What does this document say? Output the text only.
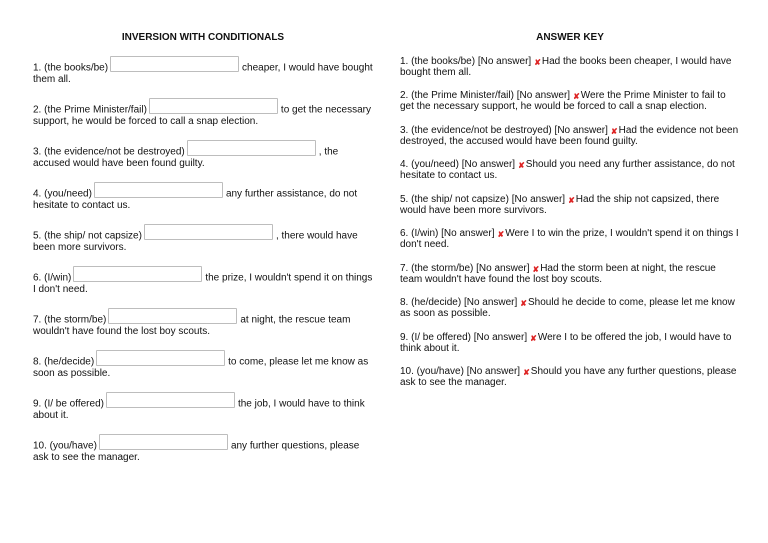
INVERSION WITH CONDITIONALS
1. (the books/be)	cheaper, I would have bought them all.
2. (the Prime Minister/fail)	to get the necessary support, he would be forced to call a snap election.
3. (the evidence/not be destroyed)	, the accused would have been found guilty.
4. (you/need)	any further assistance, do not hesitate to contact us.
5. (the ship/ not capsize)	, there would have been more survivors.
6. (I/win)	the prize, I wouldn't spend it on things I don't need.
7. (the storm/be)	at night, the rescue team wouldn't have found the lost boy scouts.
8. (he/decide)	to come, please let me know as soon as possible.
9. (I/ be offered)	the job, I would have to think about it.
10. (you/have)	any further questions, please ask to see the manager.
ANSWER KEY
1. (the books/be) [No answer] ✘Had the books been cheaper, I would have bought them all.
2. (the Prime Minister/fail) [No answer] ✘Were the Prime Minister to fail to get the necessary support, he would be forced to call a snap election.
3. (the evidence/not be destroyed) [No answer] ✘Had the evidence not been destroyed, the accused would have been found guilty.
4. (you/need) [No answer] ✘Should you need any further assistance, do not hesitate to contact us.
5. (the ship/ not capsize) [No answer] ✘Had the ship not capsized, there would have been more survivors.
6. (I/win) [No answer] ✘Were I to win the prize, I wouldn't spend it on things I don't need.
7. (the storm/be) [No answer] ✘Had the storm been at night, the rescue team wouldn't have found the lost boy scouts.
8. (he/decide) [No answer] ✘Should he decide to come, please let me know as soon as possible.
9. (I/ be offered) [No answer] ✘Were I to be offered the job, I would have to think about it.
10. (you/have) [No answer] ✘Should you have any further questions, please ask to see the manager.
